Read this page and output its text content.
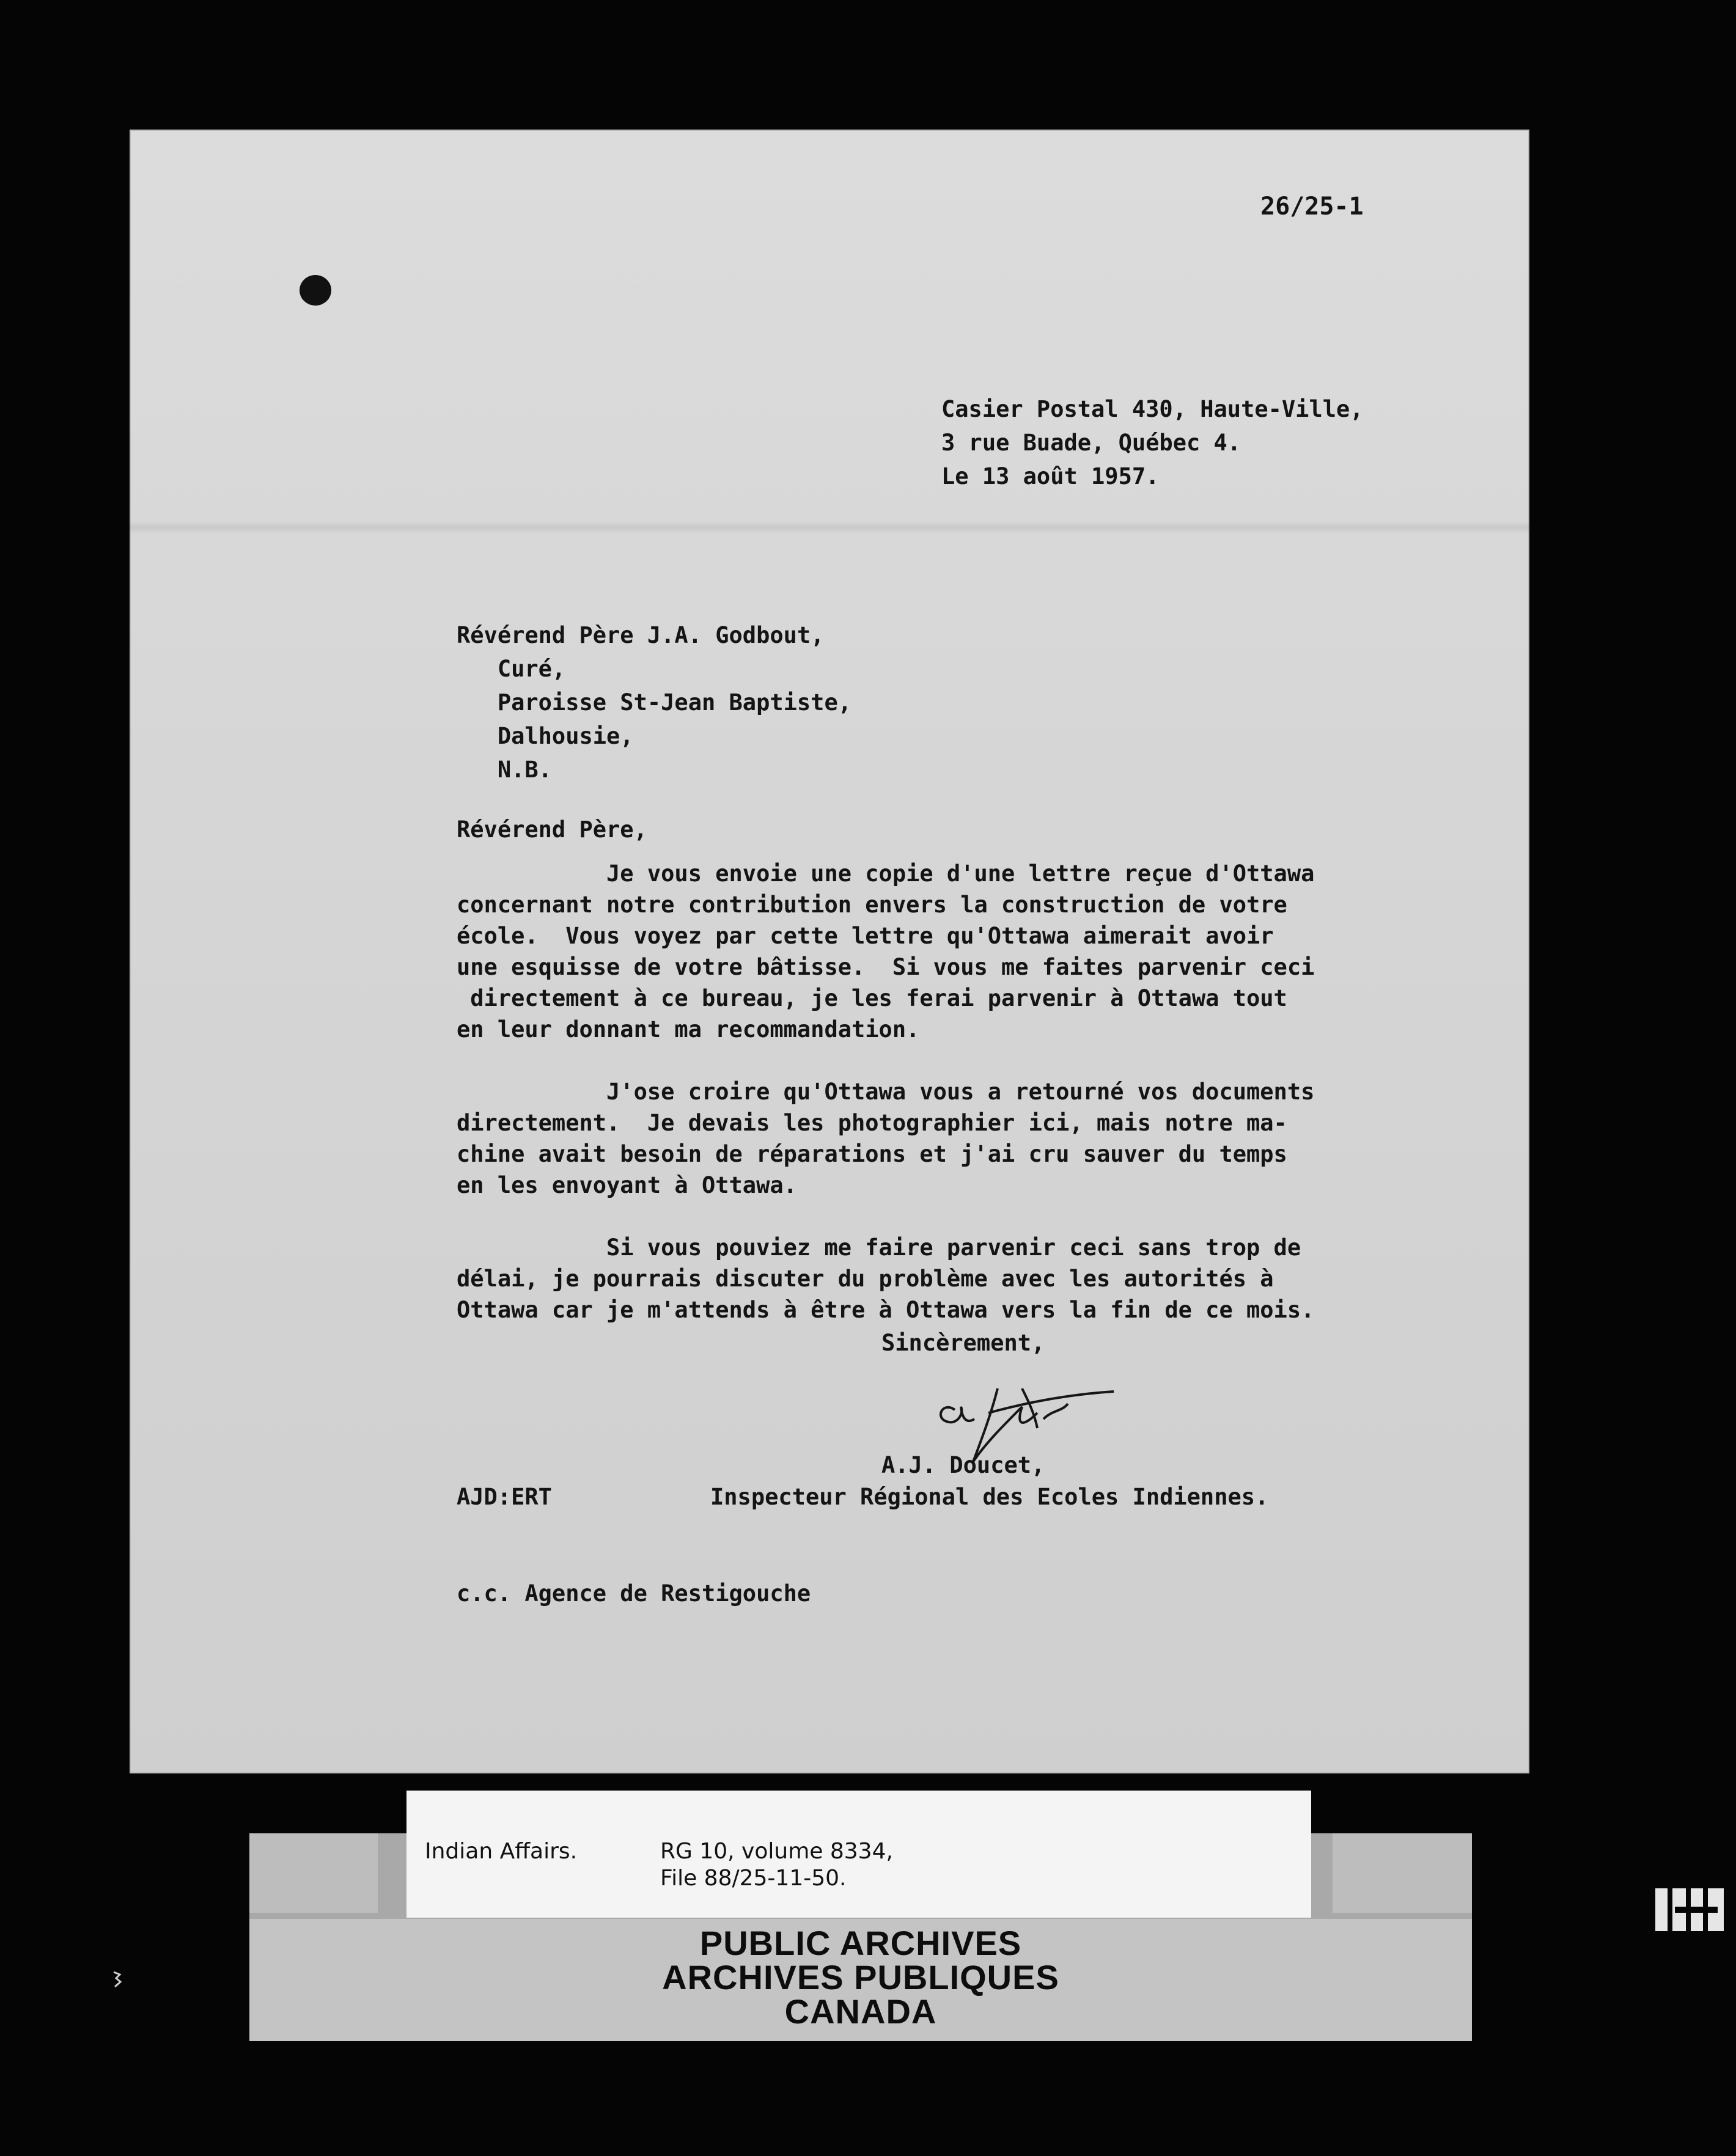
26/25-1

Casier Postal 430, Haute-Ville,
3 rue Buade, Québec 4.
Le 13 août 1957.

Révérend Père J.A. Godbout,
Curé,
Paroisse St-Jean Baptiste,
Dalhousie,
N.B.

Révérend Père,

Je vous envoie une copie d'une lettre reçue d'Ottawa
concernant notre contribution envers la construction de votre
école.  Vous voyez par cette lettre qu'Ottawa aimerait avoir
une esquisse de votre bâtisse.  Si vous me faites parvenir ceci
directement à ce bureau, je les ferai parvenir à Ottawa tout
en leur donnant ma recommandation.

J'ose croire qu'Ottawa vous a retourné vos documents
directement.  Je devais les photographier ici, mais notre ma-
chine avait besoin de réparations et j'ai cru sauver du temps
en les envoyant à Ottawa.

Si vous pouviez me faire parvenir ceci sans trop de
délai, je pourrais discuter du problème avec les autorités à
Ottawa car je m'attends à être à Ottawa vers la fin de ce mois.

Sincèrement,

A.J. Doucet,

AJD:ERT	Inspecteur Régional des Ecoles Indiennes.

c.c. Agence de Restigouche

PUBLIC ARCHIVES
ARCHIVES PUBLIQUES
CANADA

Indian Affairs.	RG 10, volume 8334,

File 88/25-11-50.
